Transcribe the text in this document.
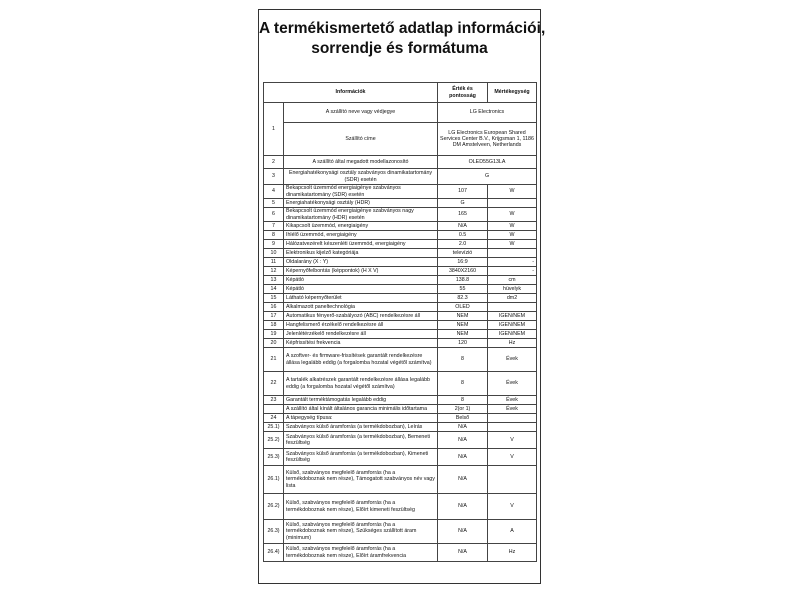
A termékismertető adatlap információi,
sorrendje és formátuma
Információk		Érték és pontosság	Mértékegység
1	A szállító neve vagy védjegye	LG Electronics	
	Szállító címe	LG Electronics European Shared Services Center B.V., Krijgsman 1, 1186 DM Amstelveen, Netherlands	
2	A szállító által megadott modellazonosító	OLED55G13LA	
3	Energiahatékonysági osztály szabványos dinamikatartomány (SDR) esetén	G	
4	Bekapcsolt üzemmód energiaigénye szabványos dinamikatartomány (SDR) esetén	107	W
5	Energiahatékonysági osztály (HDR)	G	
6	Bekapcsolt üzemmód energiaigénye szabványos nagy dinamikatartomány (HDR) esetén	165	W
7	Kikapcsolt üzemmód, energiaigény	N/A	W
8	Ihlélő üzemmód, energiaigény	0.5	W
9	Hálózatvezérelt készenléti üzemmód, energiaigény	2.0	W
10	Elektronikus kijelző kategóriája	televízió	
11	Oldalarány (X : Y)	16:9	-
12	Képernyőfelbontás (képpontok) (H X V)	3840X2160	-
13	Képátló	138.8	cm
14	Képátló	55	hüvelyk
15	Látható képernyőterület	82.3	dm2
16	Alkalmazott paneltechnológia	OLED	
17	Automatikus fényerő-szabályozó (ABC) rendelkezésre áll	NEM	IGEN/NEM
18	Hangfelismerő érzékelő rendelkezésre áll	NEM	IGEN/NEM
19	Jelenlétérzékelő rendelkezésre áll	NEM	IGEN/NEM
20	Képfrissítési frekvencia	120	Hz
21	A szoftver- és firmware-frissítések garantált rendelkezésre állása legalább eddig (a forgalomba hozatal végétől számítva)	8	Évek
22	A tartalék alkatrészek garantált rendelkezésre állása legalább eddig (a forgalomba hozatal végétől számítva)	8	Évek
23	Garantált terméktámogatás legalább eddig	8	Évek
	A szállító által kínált általános garancia minimális időtartama	2(or 1)	Évek
24	A tápegység típusa:	Belső	
25.1)	Szabványos külső áramforrás (a termékdobozban), Leírás	N/A	
25.2)	Szabványos külső áramforrás (a termékdobozban), Bemeneti feszültség	N/A	V
25.3)	Szabványos külső áramforrás (a termékdobozban), Kimeneti feszültség	N/A	V
26.1)	Külső, szabványos megfelelő áramforrás (ha a termékdoboznak nem része), Támogatott szabványos név vagy lista	N/A	
26.2)	Külső, szabványos megfelelő áramforrás (ha a termékdoboznak nem része), Előírt kimeneti feszültség	N/A	V
26.3)	Külső, szabványos megfelelő áramforrás (ha a termékdoboznak nem része), Szükséges szállított áram (minimum)	N/A	A
26.4)	Külső, szabványos megfelelő áramforrás (ha a termékdoboznak nem része), Előírt áramfrekvencia	N/A	Hz
